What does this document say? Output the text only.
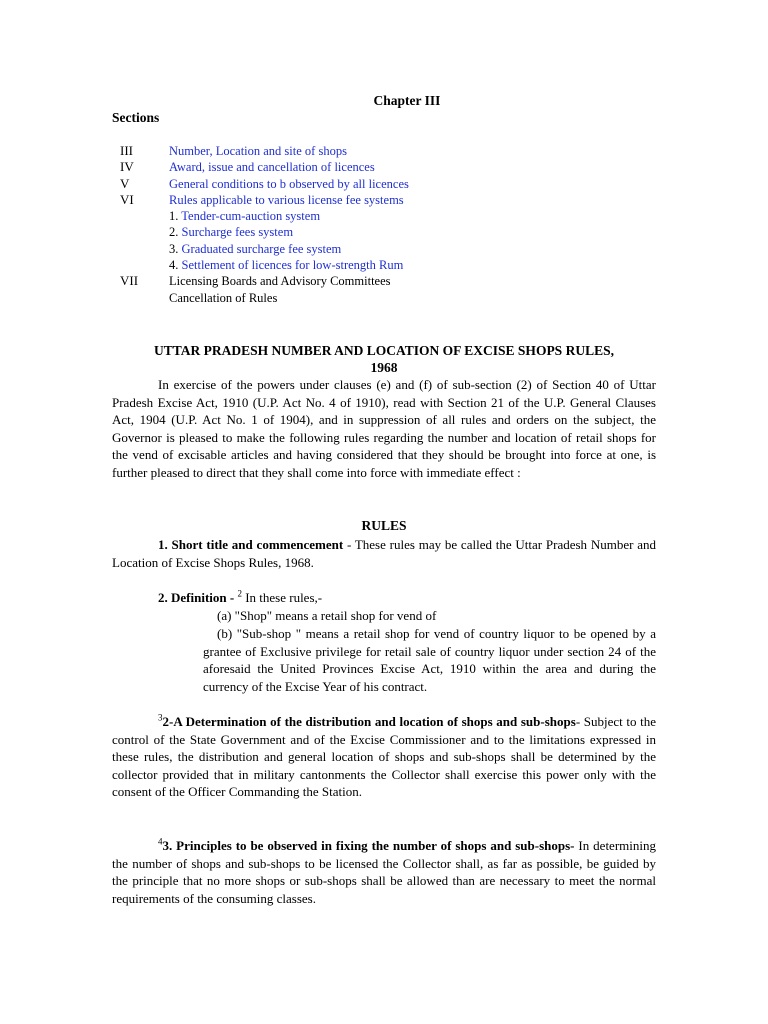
Chapter III
Sections
III	Number, Location and site of shops
IV	Award, issue and cancellation of licences
V	General conditions to b observed by all licences
VI	Rules applicable to various license fee systems
1. Tender-cum-auction system
2. Surcharge fees system
3. Graduated surcharge fee system
4. Settlement of licences for low-strength Rum
VII	Licensing Boards and Advisory Committees
Cancellation of Rules
UTTAR PRADESH NUMBER AND LOCATION OF EXCISE SHOPS RULES,
1968
In exercise of the powers under clauses (e) and (f) of sub-section (2) of Section 40 of Uttar Pradesh Excise Act, 1910 (U.P. Act No. 4 of 1910), read with Section 21 of the U.P. General Clauses Act, 1904 (U.P. Act No. 1 of 1904), and in suppression of all rules and orders on the subject, the Governor is pleased to make the following rules regarding the number and location of retail shops for the vend of excisable articles and having considered that they should be brought into force at one, is further pleased to direct that they shall come into force with immediate effect :
RULES
1. Short title and commencement - These rules may be called the Uttar Pradesh Number and Location of Excise Shops Rules, 1968.
2. Definition - $^2$ In these rules,-
(a) "Shop" means a retail shop for vend of
(b) "Sub-shop " means a retail shop for vend of country liquor to be opened by a grantee of Exclusive privilege for retail sale of country liquor under section 24 of the aforesaid the United Provinces Excise Act, 1910 within the area and during the currency of the Excise Year of his contract.
$^3$2-A Determination of the distribution and location of shops and sub-shops- Subject to the control of the State Government and of the Excise Commissioner and to the limitations expressed in these rules, the distribution and general location of shops and sub-shops shall be determined by the collector provided that in military cantonments the Collector shall exercise this power only with the consent of the Officer Commanding the Station.
$^4$3. Principles to be observed in fixing the number of shops and sub-shops- In determining the number of shops and sub-shops to be licensed the Collector shall, as far as possible, be guided by the principle that no more shops or sub-shops shall be allowed than are necessary to meet the normal requirements of the consuming classes.
